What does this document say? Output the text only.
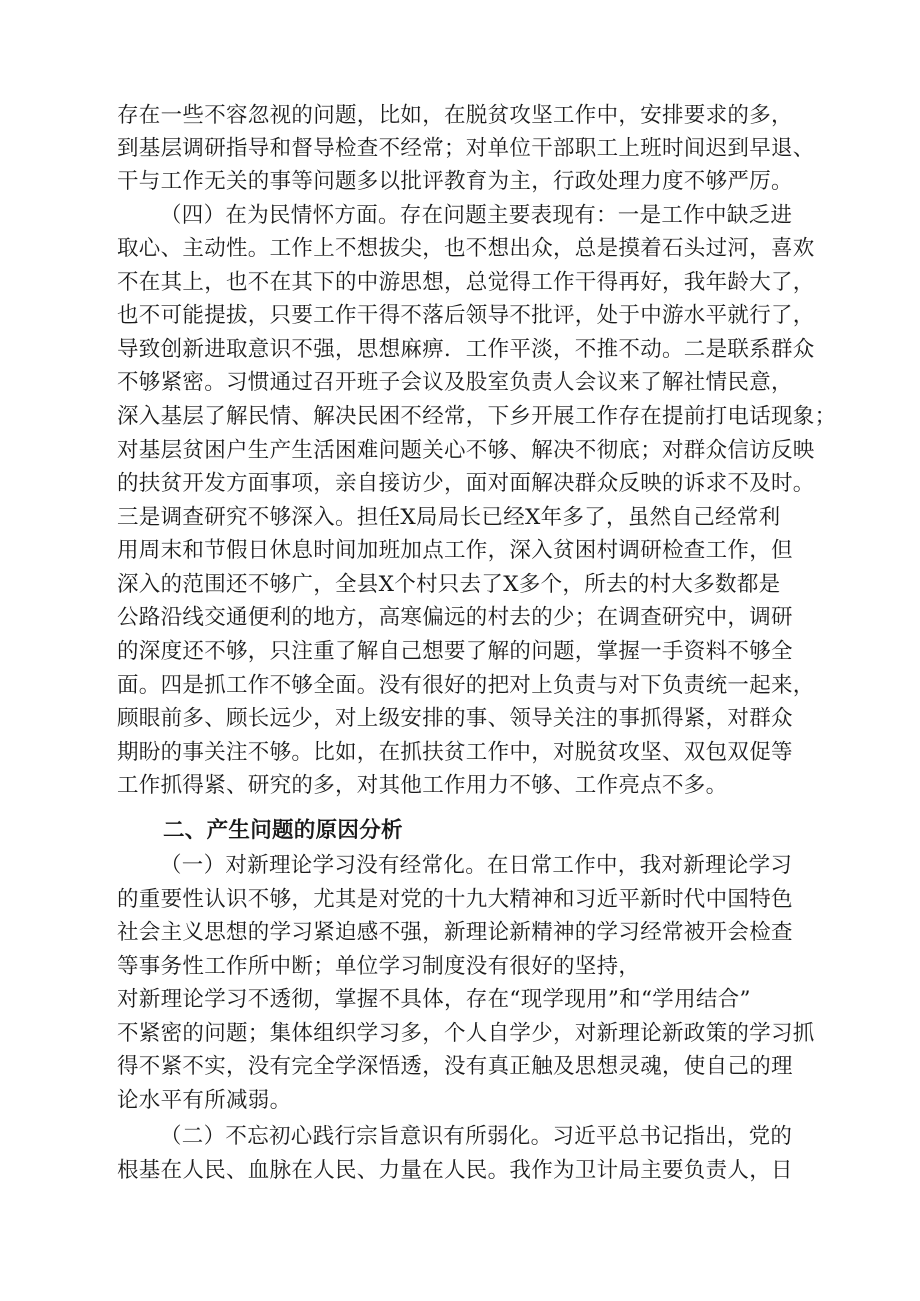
存在一些不容忽视的问题，比如，在脱贫攻坚工作中，安排要求的多，
到基层调研指导和督导检查不经常；对单位干部职工上班时间迟到早退、
干与工作无关的事等问题多以批评教育为主，行政处理力度不够严厉。
（四）在为民情怀方面。存在问题主要表现有：一是工作中缺乏进
取心、主动性。工作上不想拔尖，也不想出众，总是摸着石头过河，喜欢
不在其上，也不在其下的中游思想，总觉得工作干得再好，我年龄大了，
也不可能提拔，只要工作干得不落后领导不批评，处于中游水平就行了，
导致创新进取意识不强，思想麻痹．工作平淡，不推不动。二是联系群众
不够紧密。习惯通过召开班子会议及股室负责人会议来了解社情民意，
深入基层了解民情、解决民困不经常，下乡开展工作存在提前打电话现象；
对基层贫困户生产生活困难问题关心不够、解决不彻底；对群众信访反映
的扶贫开发方面事项，亲自接访少，面对面解决群众反映的诉求不及时。
三是调查研究不够深入。担任X局局长已经X年多了，虽然自己经常利
用周末和节假日休息时间加班加点工作，深入贫困村调研检查工作，但
深入的范围还不够广，全县X个村只去了X多个，所去的村大多数都是
公路沿线交通便利的地方，高寒偏远的村去的少；在调查研究中，调研
的深度还不够，只注重了解自己想要了解的问题，掌握一手资料不够全
面。四是抓工作不够全面。没有很好的把对上负责与对下负责统一起来，
顾眼前多、顾长远少，对上级安排的事、领导关注的事抓得紧，对群众
期盼的事关注不够。比如，在抓扶贫工作中，对脱贫攻坚、双包双促等
工作抓得紧、研究的多，对其他工作用力不够、工作亮点不多。
二、产生问题的原因分析
（一）对新理论学习没有经常化。在日常工作中，我对新理论学习
的重要性认识不够，尤其是对党的十九大精神和习近平新时代中国特色
社会主义思想的学习紧迫感不强，新理论新精神的学习经常被开会检查
等事务性工作所中断；单位学习制度没有很好的坚持，
对新理论学习不透彻，掌握不具体，存在“现学现用”和“学用结合”
不紧密的问题；集体组织学习多，个人自学少，对新理论新政策的学习抓
得不紧不实，没有完全学深悟透，没有真正触及思想灵魂，使自己的理
论水平有所减弱。
（二）不忘初心践行宗旨意识有所弱化。习近平总书记指出，党的
根基在人民、血脉在人民、力量在人民。我作为卫计局主要负责人，日
